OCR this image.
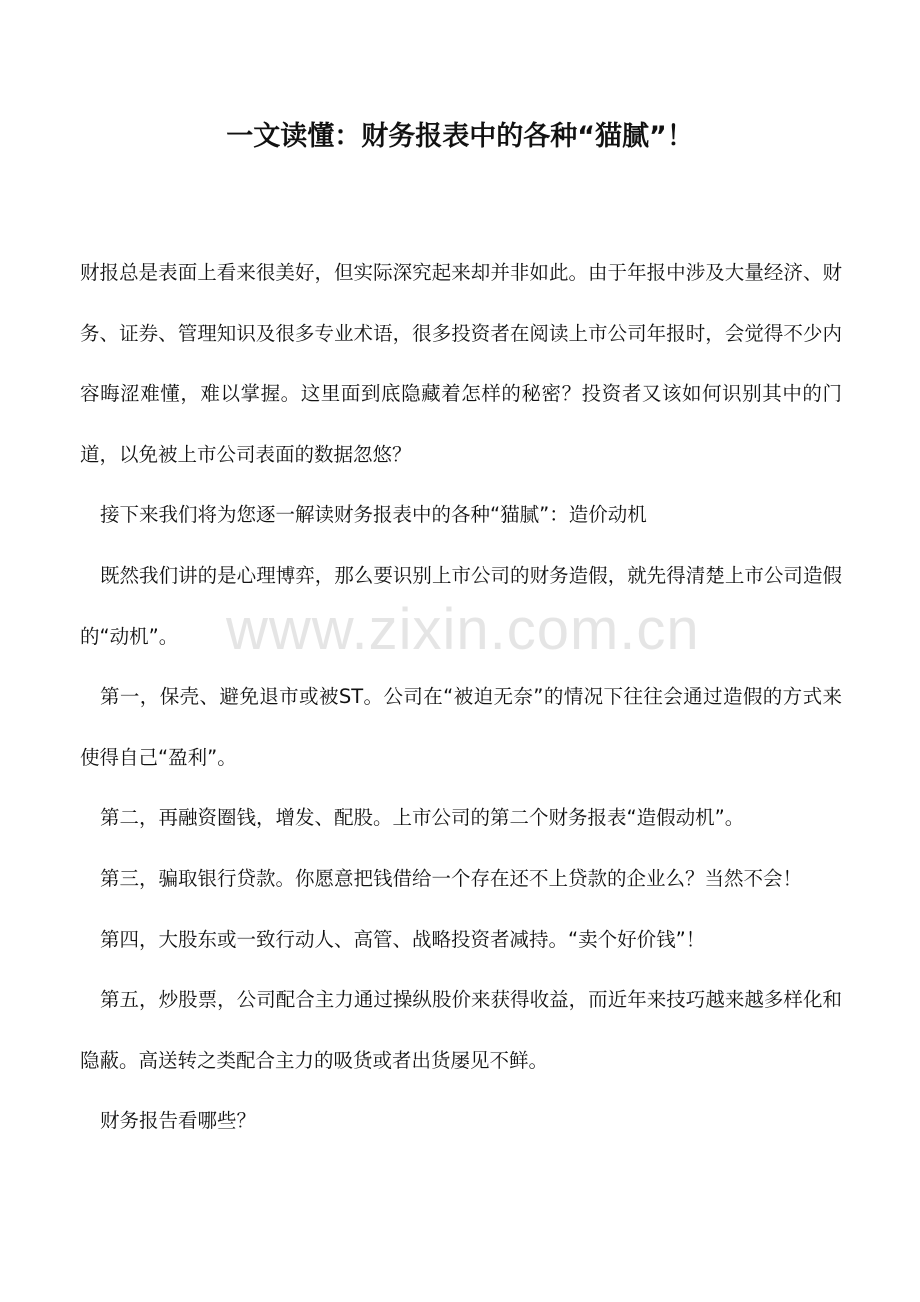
一文读懂：财务报表中的各种“猫腻”！

财报总是表面上看来很美好，但实际深究起来却并非如此。由于年报中涉及大量经济、财务、证券、管理知识及很多专业术语，很多投资者在阅读上市公司年报时，会觉得不少内容晦涩难懂，难以掌握。这里面到底隐藏着怎样的秘密？投资者又该如何识别其中的门道，以免被上市公司表面的数据忽悠？

接下来我们将为您逐一解读财务报表中的各种“猫腻”：造价动机

既然我们讲的是心理博弈，那么要识别上市公司的财务造假，就先得清楚上市公司造假的“动机”。

第一，保壳、避免退市或被ST。公司在“被迫无奈”的情况下往往会通过造假的方式来使得自己“盈利”。

第二，再融资圈钱，增发、配股。上市公司的第二个财务报表“造假动机”。

第三，骗取银行贷款。你愿意把钱借给一个存在还不上贷款的企业么？当然不会！

第四，大股东或一致行动人、高管、战略投资者减持。“卖个好价钱”！

第五，炒股票，公司配合主力通过操纵股价来获得收益，而近年来技巧越来越多样化和隐蔽。高送转之类配合主力的吸货或者出货屡见不鲜。

财务报告看哪些？

www.zixin.com.cn
